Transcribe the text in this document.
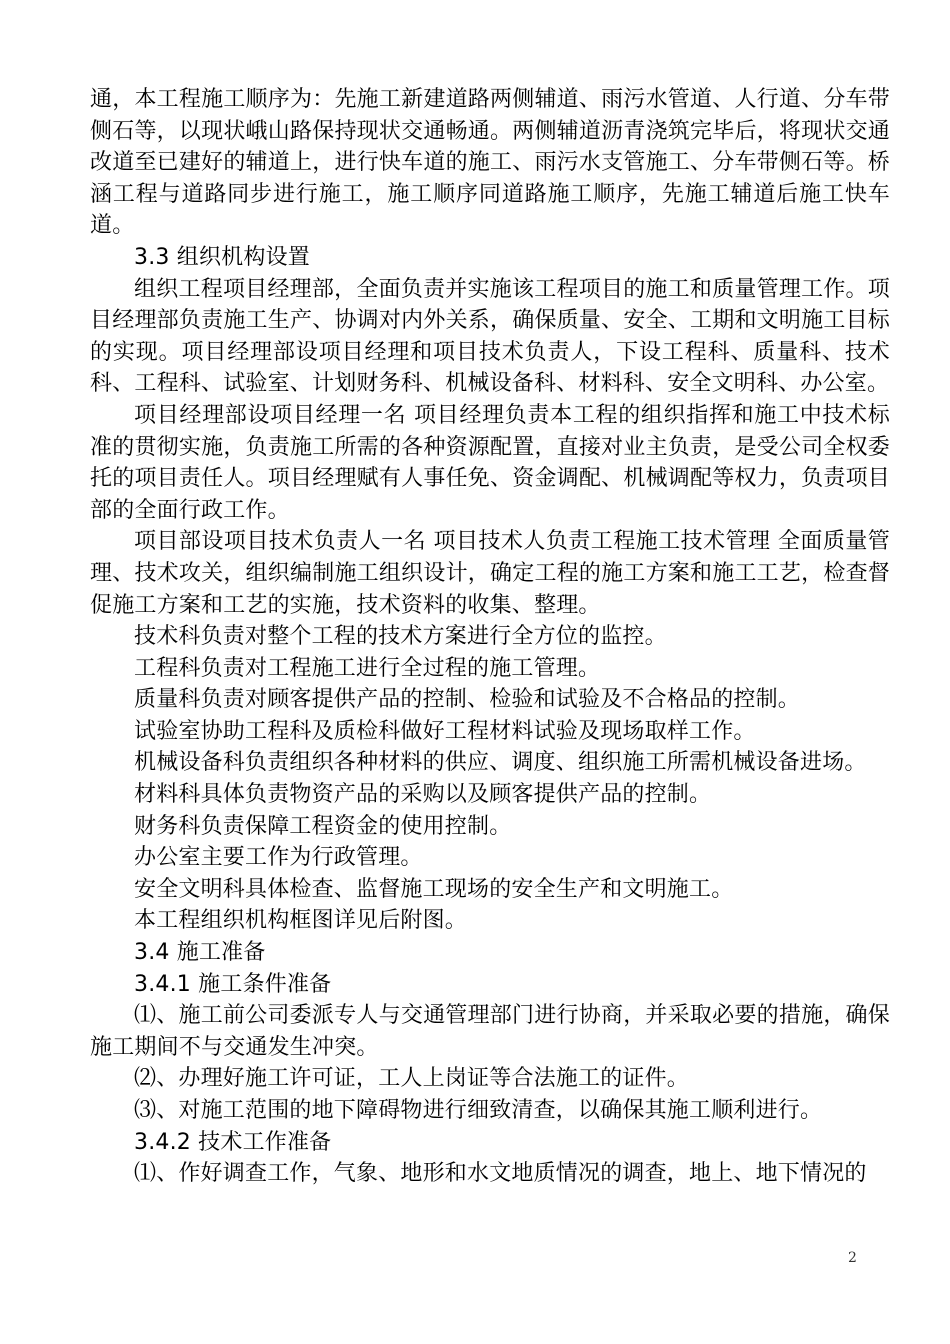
通，本工程施工顺序为：先施工新建道路两侧辅道、雨污水管道、人行道、分车带侧石等，以现状峨山路保持现状交通畅通。两侧辅道沥青浇筑完毕后，将现状交通改道至已建好的辅道上，进行快车道的施工、雨污水支管施工、分车带侧石等。桥涵工程与道路同步进行施工，施工顺序同道路施工顺序，先施工辅道后施工快车道。

3.3 组织机构设置

组织工程项目经理部，全面负责并实施该工程项目的施工和质量管理工作。项目经理部负责施工生产、协调对内外关系，确保质量、安全、工期和文明施工目标的实现。项目经理部设项目经理和项目技术负责人，下设工程科、质量科、技术科、工程科、试验室、计划财务科、机械设备科、材料科、安全文明科、办公室。

项目经理部设项目经理一名 项目经理负责本工程的组织指挥和施工中技术标准的贯彻实施，负责施工所需的各种资源配置，直接对业主负责，是受公司全权委托的项目责任人。项目经理赋有人事任免、资金调配、机械调配等权力，负责项目部的全面行政工作。

项目部设项目技术负责人一名 项目技术人负责工程施工技术管理 全面质量管理、技术攻关，组织编制施工组织设计，确定工程的施工方案和施工工艺，检查督促施工方案和工艺的实施，技术资料的收集、整理。

技术科负责对整个工程的技术方案进行全方位的监控。

工程科负责对工程施工进行全过程的施工管理。

质量科负责对顾客提供产品的控制、检验和试验及不合格品的控制。

试验室协助工程科及质检科做好工程材料试验及现场取样工作。

机械设备科负责组织各种材料的供应、调度、组织施工所需机械设备进场。

材料科具体负责物资产品的采购以及顾客提供产品的控制。

财务科负责保障工程资金的使用控制。

办公室主要工作为行政管理。

安全文明科具体检查、监督施工现场的安全生产和文明施工。

本工程组织机构框图详见后附图。

3.4 施工准备

3.4.1 施工条件准备

⑴、施工前公司委派专人与交通管理部门进行协商，并采取必要的措施，确保施工期间不与交通发生冲突。

⑵、办理好施工许可证，工人上岗证等合法施工的证件。

⑶、对施工范围的地下障碍物进行细致清查，以确保其施工顺利进行。

3.4.2 技术工作准备

⑴、作好调查工作，气象、地形和水文地质情况的调查，地上、地下情况的

2
